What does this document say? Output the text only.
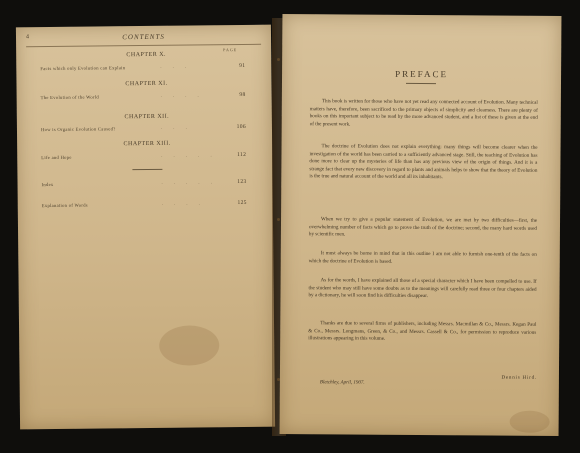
4	CONTENTS
CHAPTER X.
PAGE
Facts which only Evolution can Explain	. . .	91
CHAPTER XI.
The Evolution of the World	. . . .	98
CHAPTER XII.
How is Organic Evolution Caused?	. . .	106
CHAPTER XIII.
Life and Hope	. . . . .	112
Index	. . . . .	123
Explanation of Words	. . . .	125
PREFACE
This book is written for those who have not yet read any connected account of Evolution. Many technical matters have, therefore, been sacrificed to the primary objects of simplicity and clearness. There are plenty of books on this important subject to be read by the more advanced student, and a list of these is given at the end of the present work.
The doctrine of Evolution does not explain everything: many things will become clearer when the investigation of the world has been carried to a sufficiently advanced stage. Still, the teaching of Evolution has done more to clear up the mysteries of life than has any previous view of the origin of things. And it is a strange fact that every new discovery in regard to plants and animals helps to show that the theory of Evolution is the true and natural account of the world and all its inhabitants.
When we try to give a popular statement of Evolution, we are met by two difficulties—first, the overwhelming number of facts which go to prove the truth of the doctrine; second, the many hard words used by scientific men.
It must always be borne in mind that in this outline I am not able to furnish one-tenth of the facts on which the doctrine of Evolution is based.
As for the words, I have explained all those of a special character which I have been compelled to use. If the student who may still have some doubts as to the meanings will carefully read three or four chapters aided by a dictionary, he will soon find his difficulties disappear.
Thanks are due to several firms of publishers, including Messrs. Macmillan & Co., Messrs. Kegan Paul & Co., Messrs. Longmans, Green, & Co., and Messrs. Cassell & Co., for permission to reproduce various illustrations appearing in this volume.
Dennis Hird.
Bletchley, April, 1907.
